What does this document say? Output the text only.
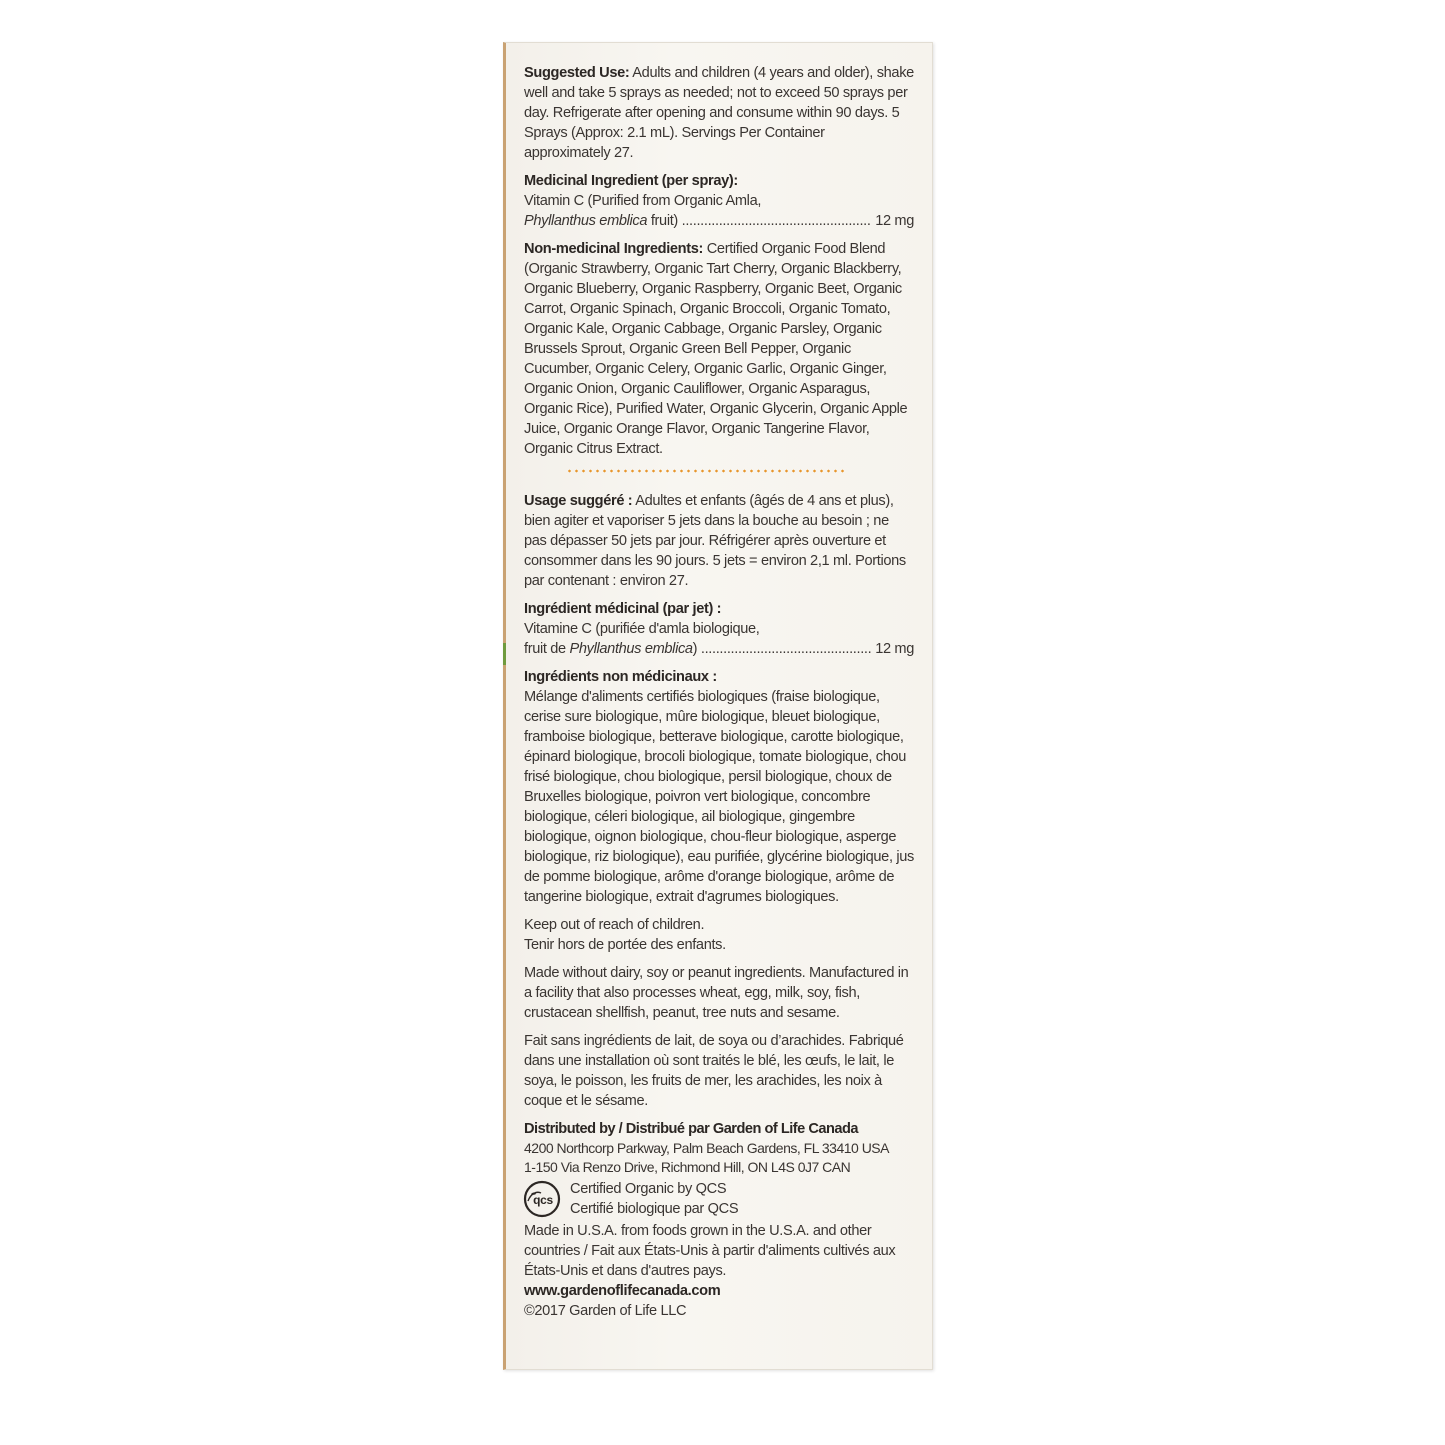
Suggested Use: Adults and children (4 years and older), shake well and take 5 sprays as needed; not to exceed 50 sprays per day. Refrigerate after opening and consume within 90 days. 5 Sprays (Approx: 2.1 mL). Servings Per Container approximately 27.

Medicinal Ingredient (per spray):
Vitamin C (Purified from Organic Amla,
Phyllanthus emblica fruit) .....	12 mg

Non-medicinal Ingredients: Certified Organic Food Blend (Organic Strawberry, Organic Tart Cherry, Organic Blackberry, Organic Blueberry, Organic Raspberry, Organic Beet, Organic Carrot, Organic Spinach, Organic Broccoli, Organic Tomato, Organic Kale, Organic Cabbage, Organic Parsley, Organic Brussels Sprout, Organic Green Bell Pepper, Organic Cucumber, Organic Celery, Organic Garlic, Organic Ginger, Organic Onion, Organic Cauliflower, Organic Asparagus, Organic Rice), Purified Water, Organic Glycerin, Organic Apple Juice, Organic Orange Flavor, Organic Tangerine Flavor, Organic Citrus Extract.

Usage suggéré : Adultes et enfants (âgés de 4 ans et plus), bien agiter et vaporiser 5 jets dans la bouche au besoin ; ne pas dépasser 50 jets par jour. Réfrigérer après ouverture et consommer dans les 90 jours. 5 jets = environ 2,1 ml. Portions par contenant : environ 27.

Ingrédient médicinal (par jet) :
Vitamine C (purifiée d'amla biologique,
fruit de Phyllanthus emblica) .....	12 mg

Ingrédients non médicinaux :
Mélange d'aliments certifiés biologiques (fraise biologique, cerise sure biologique, mûre biologique, bleuet biologique, framboise biologique, betterave biologique, carotte biologique, épinard biologique, brocoli biologique, tomate biologique, chou frisé biologique, chou biologique, persil biologique, choux de Bruxelles biologique, poivron vert biologique, concombre biologique, céleri biologique, ail biologique, gingembre biologique, oignon biologique, chou-fleur biologique, asperge biologique, riz biologique), eau purifiée, glycérine biologique, jus de pomme biologique, arôme d'orange biologique, arôme de tangerine biologique, extrait d'agrumes biologiques.

Keep out of reach of children.
Tenir hors de portée des enfants.

Made without dairy, soy or peanut ingredients. Manufactured in a facility that also processes wheat, egg, milk, soy, fish, crustacean shellfish, peanut, tree nuts and sesame.

Fait sans ingrédients de lait, de soya ou d’arachides. Fabriqué dans une installation où sont traités le blé, les œufs, le lait, le soya, le poisson, les fruits de mer, les arachides, les noix à coque et le sésame.

Distributed by / Distribué par Garden of Life Canada
4200 Northcorp Parkway, Palm Beach Gardens, FL 33410 USA
1-150 Via Renzo Drive, Richmond Hill, ON L4S 0J7 CAN
qcs
Certified Organic by QCS
Certifié biologique par QCS
Made in U.S.A. from foods grown in the U.S.A. and other countries / Fait aux États-Unis à partir d'aliments cultivés aux États-Unis et dans d'autres pays.
www.gardenoflifecanada.com
©2017 Garden of Life LLC
